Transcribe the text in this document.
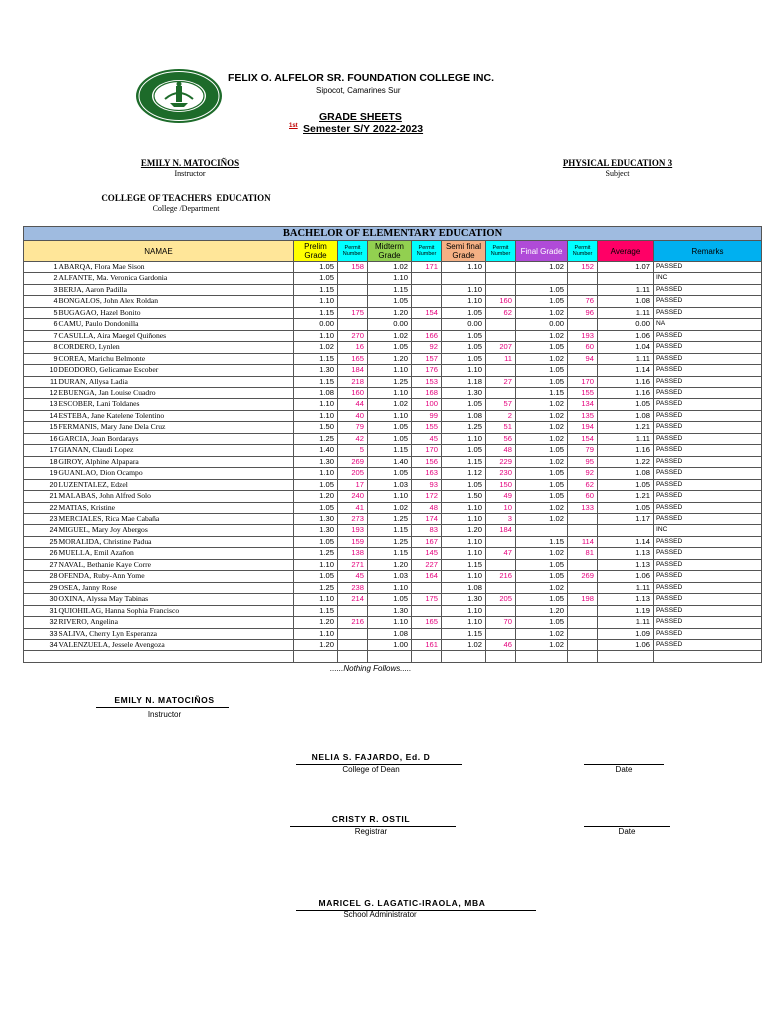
FELIX O. ALFELOR SR. FOUNDATION COLLEGE INC.
Sipocot, Camarines Sur
GRADE SHEETS
1st Semester S/Y 2022-2023
EMILY N. MATOCIÑOS
Instructor
PHYSICAL EDUCATION 3
Subject
COLLEGE OF TEACHERS  EDUCATION
College /Department
BACHELOR OF ELEMENTARY EDUCATION											
NAMAE		Prelim Grade	Permit Number	Midterm Grade	Permit Number	Semi final Grade	Permit Number	Final Grade	Permit Number	Average	Remarks
1	ABARQA, Flora Mae Sison	1.05	158	1.02	171	1.10		1.02	152	1.07	PASSED
2	ALFANTE, Ma. Veronica Gardonia	1.05		1.10							INC
3	BERJA, Aaron Padilla	1.15		1.15		1.10		1.05		1.11	PASSED
4	BONGALOS, John Alex Roldan	1.10		1.05		1.10	160	1.05	76	1.08	PASSED
5	BUGAGAO, Hazel Bonito	1.15	175	1.20	154	1.05	62	1.02	96	1.11	PASSED
6	CAMU, Paulo Dondonilla	0.00		0.00		0.00		0.00		0.00	NA
7	CASULLA, Aira Maegel Quiñones	1.10	270	1.02	166	1.05		1.02	193	1.06	PASSED
8	CORDERO, Lynlen	1.02	16	1.05	92	1.05	207	1.05	60	1.04	PASSED
9	COREA, Marichu Belmonte	1.15	165	1.20	157	1.05	11	1.02	94	1.11	PASSED
10	DEODORO, Gelicamae Escober	1.30	184	1.10	176	1.10		1.05		1.14	PASSED
11	DURAN, Allysa Ladia	1.15	218	1.25	153	1.18	27	1.05	170	1.16	PASSED
12	EBUENGA, Jan Louise Cuadro	1.08	160	1.10	168	1.30		1.15	155	1.16	PASSED
13	ESCOBER, Lani Toldanes	1.10	44	1.02	100	1.05	57	1.02	134	1.05	PASSED
14	ESTEBA, Jane Katelene Tolentino	1.10	40	1.10	99	1.08	2	1.02	135	1.08	PASSED
15	FERMANIS, Mary Jane Dela Cruz	1.50	79	1.05	155	1.25	51	1.02	194	1.21	PASSED
16	GARCIA, Joan Bordarays	1.25	42	1.05	45	1.10	56	1.02	154	1.11	PASSED
17	GIANAN, Claudi Lopez	1.40	5	1.15	170	1.05	48	1.05	79	1.16	PASSED
18	GIROY, Alphine Alpapara	1.30	269	1.40	156	1.15	229	1.02	95	1.22	PASSED
19	GUANLAO, Dion Ocampo	1.10	205	1.05	163	1.12	230	1.05	92	1.08	PASSED
20	LUZENTALEZ, Edzel	1.05	17	1.03	93	1.05	150	1.05	62	1.05	PASSED
21	MALABAS, John Alfred Solo	1.20	240	1.10	172	1.50	49	1.05	60	1.21	PASSED
22	MATIAS, Kristine	1.05	41	1.02	48	1.10	10	1.02	133	1.05	PASSED
23	MERCIALES, Rica Mae Cabaña	1.30	273	1.25	174	1.10	3	1.02		1.17	PASSED
24	MIGUEL, Mary Joy Abergos	1.30	193	1.15	83	1.20	184				INC
25	MORALIDA, Christine Padua	1.05	159	1.25	167	1.10		1.15	114	1.14	PASSED
26	MUELLA, Emil Azañon	1.25	138	1.15	145	1.10	47	1.02	81	1.13	PASSED
27	NAVAL, Bethanie Kaye Corre	1.10	271	1.20	227	1.15		1.05		1.13	PASSED
28	OFENDA, Ruby-Ann Yome	1.05	45	1.03	164	1.10	216	1.05	269	1.06	PASSED
29	OSEA, Janny Rose	1.25	238	1.10		1.08		1.02		1.11	PASSED
30	OXINA, Alyssa May Tabinas	1.10	214	1.05	175	1.30	205	1.05	198	1.13	PASSED
31	QUIOHILAG, Hanna Sophia Francisco	1.15		1.30		1.10		1.20		1.19	PASSED
32	RIVERO, Angelina	1.20	216	1.10	165	1.10	70	1.05		1.11	PASSED
33	SALIVA, Cherry Lyn Esperanza	1.10		1.08		1.15		1.02		1.09	PASSED
34	VALENZUELA, Jessele Avengoza	1.20		1.00	161	1.02	46	1.02		1.06	PASSED

......Nothing Follows.....
EMILY N. MATOCIÑOS
Instructor
NELIA S. FAJARDO, Ed. D
College of Dean	Date
CRISTY R. OSTIL
Registrar	Date
MARICEL G. LAGATIC-IRAOLA, MBA
School Administrator
